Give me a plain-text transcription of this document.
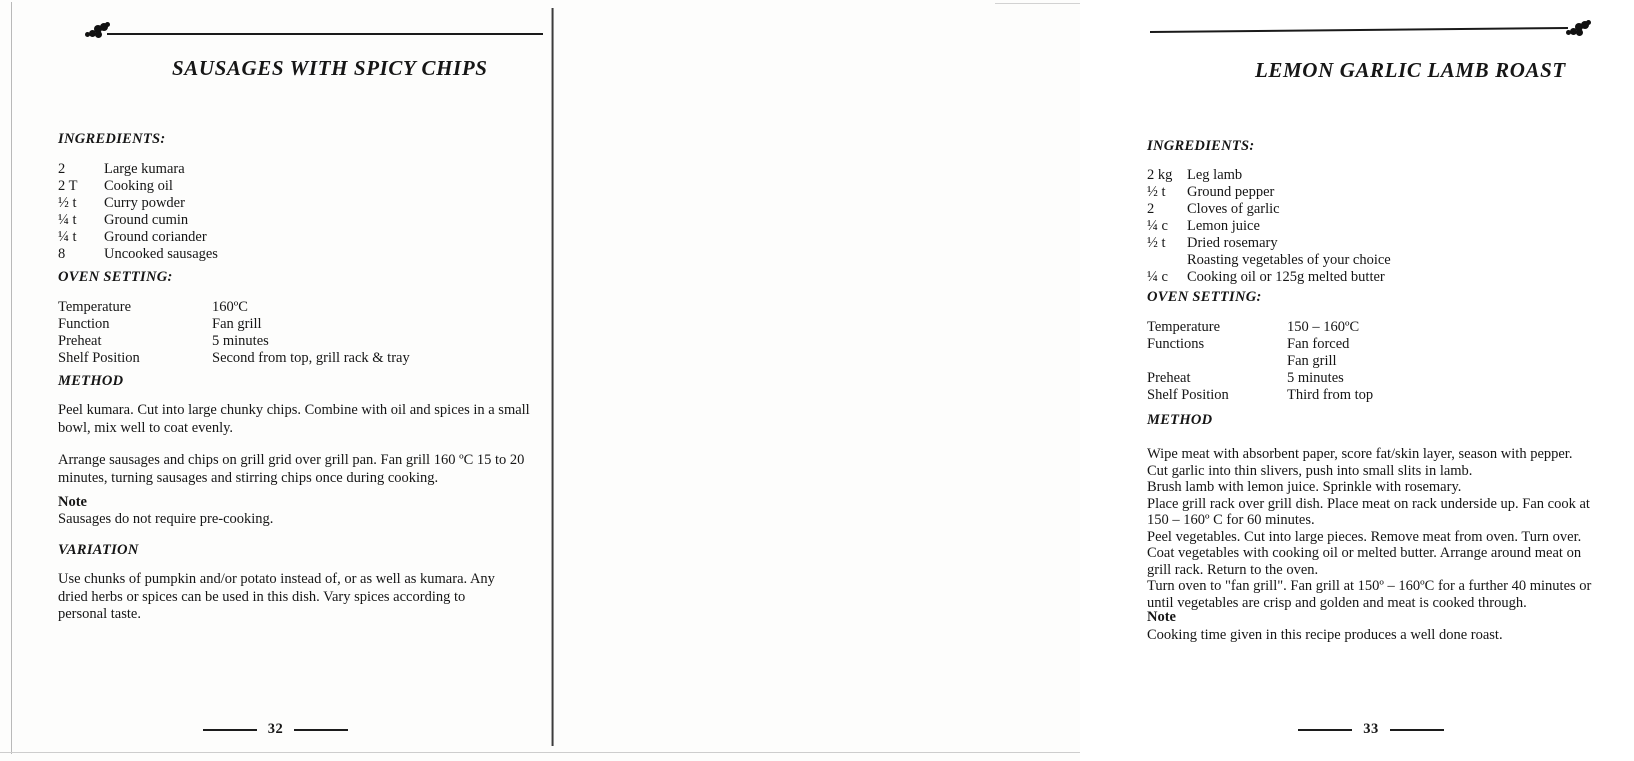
SAUSAGES WITH SPICY CHIPS
INGREDIENTS:
2	Large kumara
2 T	Cooking oil
½ t	Curry powder
¼ t	Ground cumin
¼ t	Ground coriander
8	Uncooked sausages
OVEN SETTING:
Temperature	160ºC
Function	Fan grill
Preheat	5 minutes
Shelf Position	Second from top, grill rack & tray
METHOD

Peel kumara. Cut into large chunky chips. Combine with oil and spices in a small bowl, mix well to coat evenly.

Arrange sausages and chips on grill grid over grill pan. Fan grill 160 ºC 15 to 20 minutes, turning sausages and stirring chips once during cooking.

Note

Sausages do not require pre-cooking.

VARIATION

Use chunks of pumpkin and/or potato instead of, or as well as kumara. Any dried herbs or spices can be used in this dish. Vary spices according to personal taste.

32
LEMON GARLIC LAMB ROAST
INGREDIENTS:
2 kg	Leg lamb
½ t	Ground pepper
2	Cloves of garlic
¼ c	Lemon juice
½ t	Dried rosemary
Roasting vegetables of your choice
¼ c	Cooking oil or 125g melted butter
OVEN SETTING:
Temperature	150 – 160ºC
Functions	Fan forced
Fan grill
Preheat	5 minutes
Shelf Position	Third from top
METHOD

Wipe meat with absorbent paper, score fat/skin layer, season with pepper.

Cut garlic into thin slivers, push into small slits in lamb.

Brush lamb with lemon juice. Sprinkle with rosemary.

Place grill rack over grill dish. Place meat on rack underside up. Fan cook at 150 – 160º C for 60 minutes.

Peel vegetables. Cut into large pieces. Remove meat from oven. Turn over.

Coat vegetables with cooking oil or melted butter. Arrange around meat on grill rack. Return to the oven.

Turn oven to "fan grill". Fan grill at 150º – 160ºC for a further 40 minutes or until vegetables are crisp and golden and meat is cooked through.

Note

Cooking time given in this recipe produces a well done roast.

33
